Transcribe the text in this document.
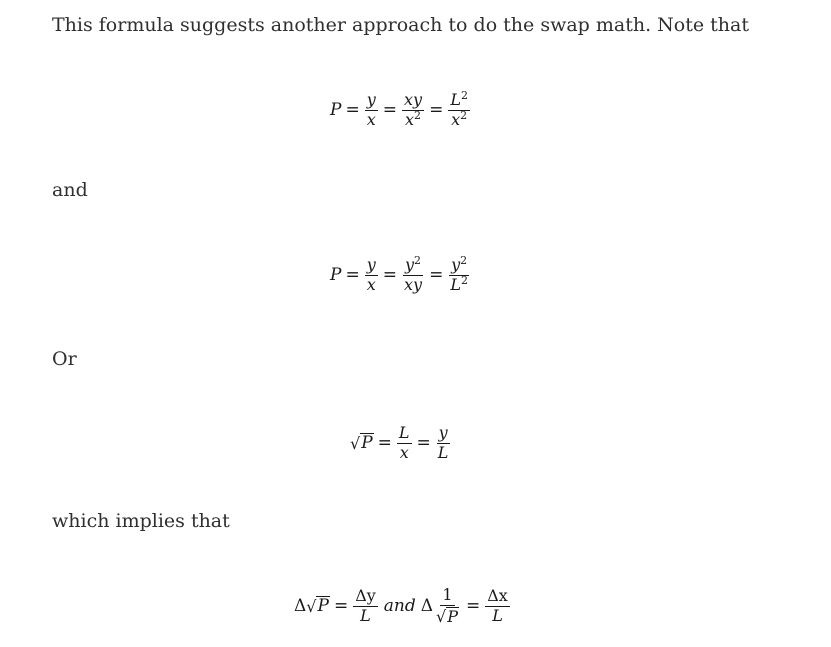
This formula suggests another approach to do the swap math. Note that
and
Or
which implies that
$P = \frac{y}{x} = \frac{xy}{x^2} = \frac{L^2}{x^2}$
$P = \frac{y}{x} = \frac{y^2}{xy} = \frac{y^2}{L^2}$
√ $P = \frac{L}{x} = \frac{y}{L}$
Δ √ $P = \frac{\Delta y}{L}$ and Δ $\frac{1}{√ P} = \frac{\Delta x}{L}$
